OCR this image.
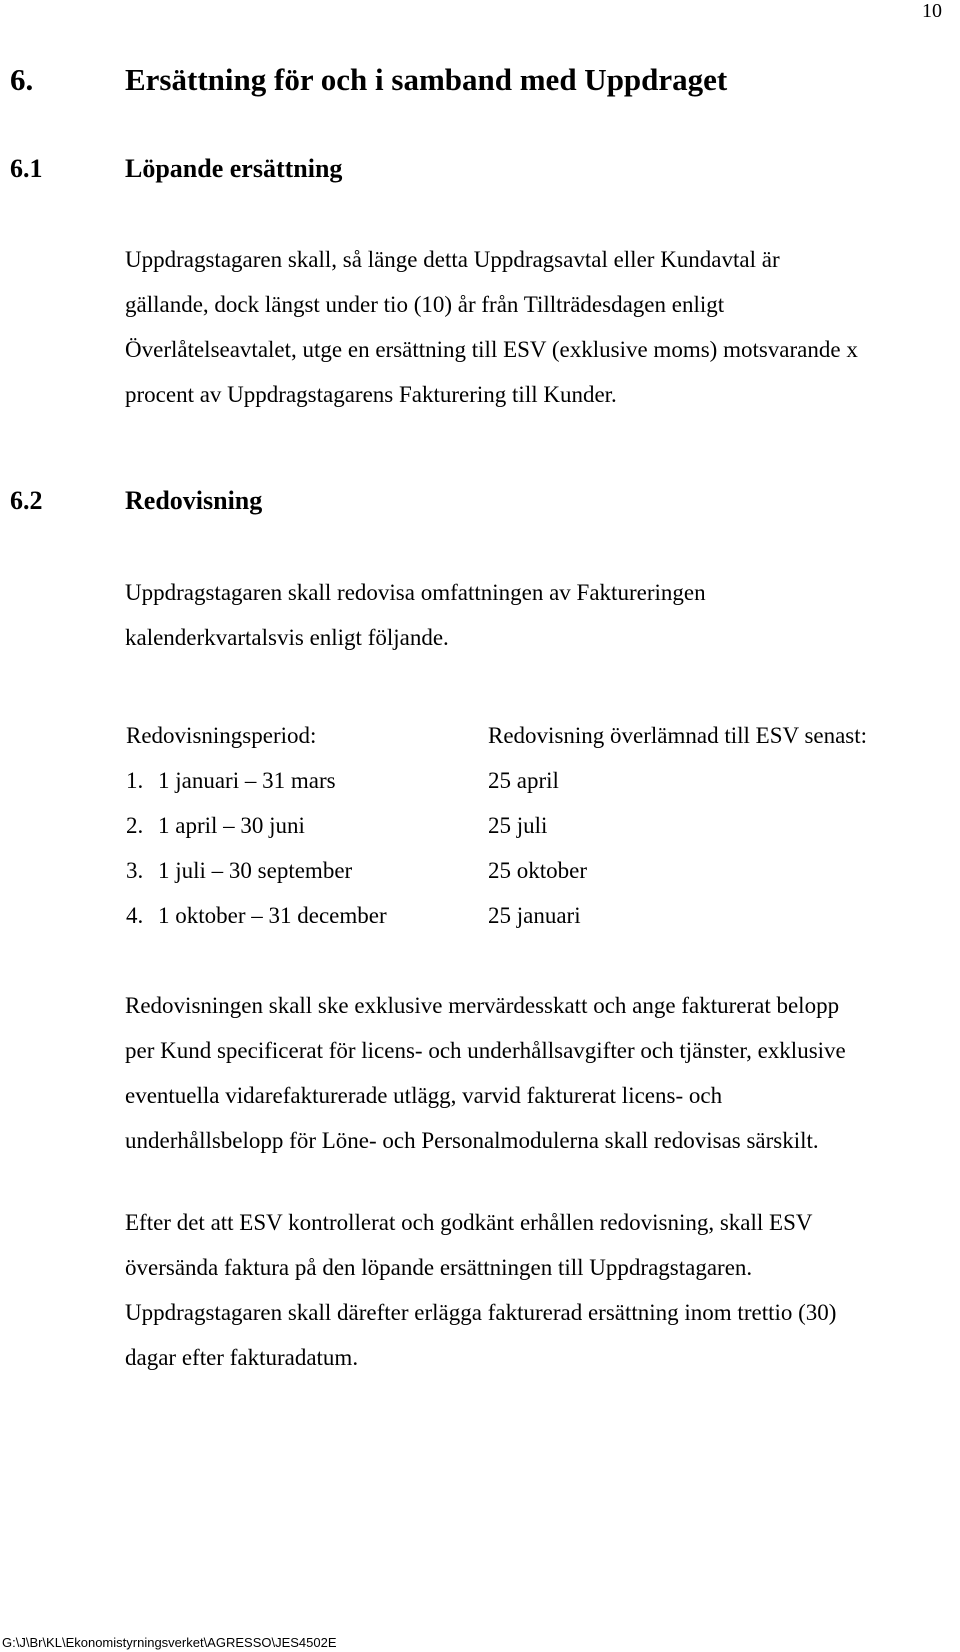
10
6.	Ersättning för och i samband med Uppdraget
6.1	Löpande ersättning

Uppdragstagaren skall, så länge detta Uppdragsavtal eller Kundavtal är
gällande, dock längst under tio (10) år från Tillträdesdagen enligt
Överlåtelseavtalet, utge en ersättning till ESV (exklusive moms) motsvarande x
procent av Uppdragstagarens Fakturering till Kunder.

6.2	Redovisning

Uppdragstagaren skall redovisa omfattningen av Faktureringen
kalenderkvartalsvis enligt följande.

Redovisningsperiod:		Redovisning överlämnad till ESV senast:
1.	1 januari – 31 mars	25 april
2.	1 april – 30 juni	25 juli
3.	1 juli – 30 september	25 oktober
4.	1 oktober – 31 december	25 januari

Redovisningen skall ske exklusive mervärdesskatt och ange fakturerat belopp
per Kund specificerat för licens- och underhållsavgifter och tjänster, exklusive
eventuella vidarefakturerade utlägg, varvid fakturerat licens- och
underhållsbelopp för Löne- och Personalmodulerna skall redovisas särskilt.

Efter det att ESV kontrollerat och godkänt erhållen redovisning, skall ESV
översända faktura på den löpande ersättningen till Uppdragstagaren.
Uppdragstagaren skall därefter erlägga fakturerad ersättning inom trettio (30)
dagar efter fakturadatum.

G:\J\Br\KL\Ekonomistyrningsverket\AGRESSO\JES4502E
